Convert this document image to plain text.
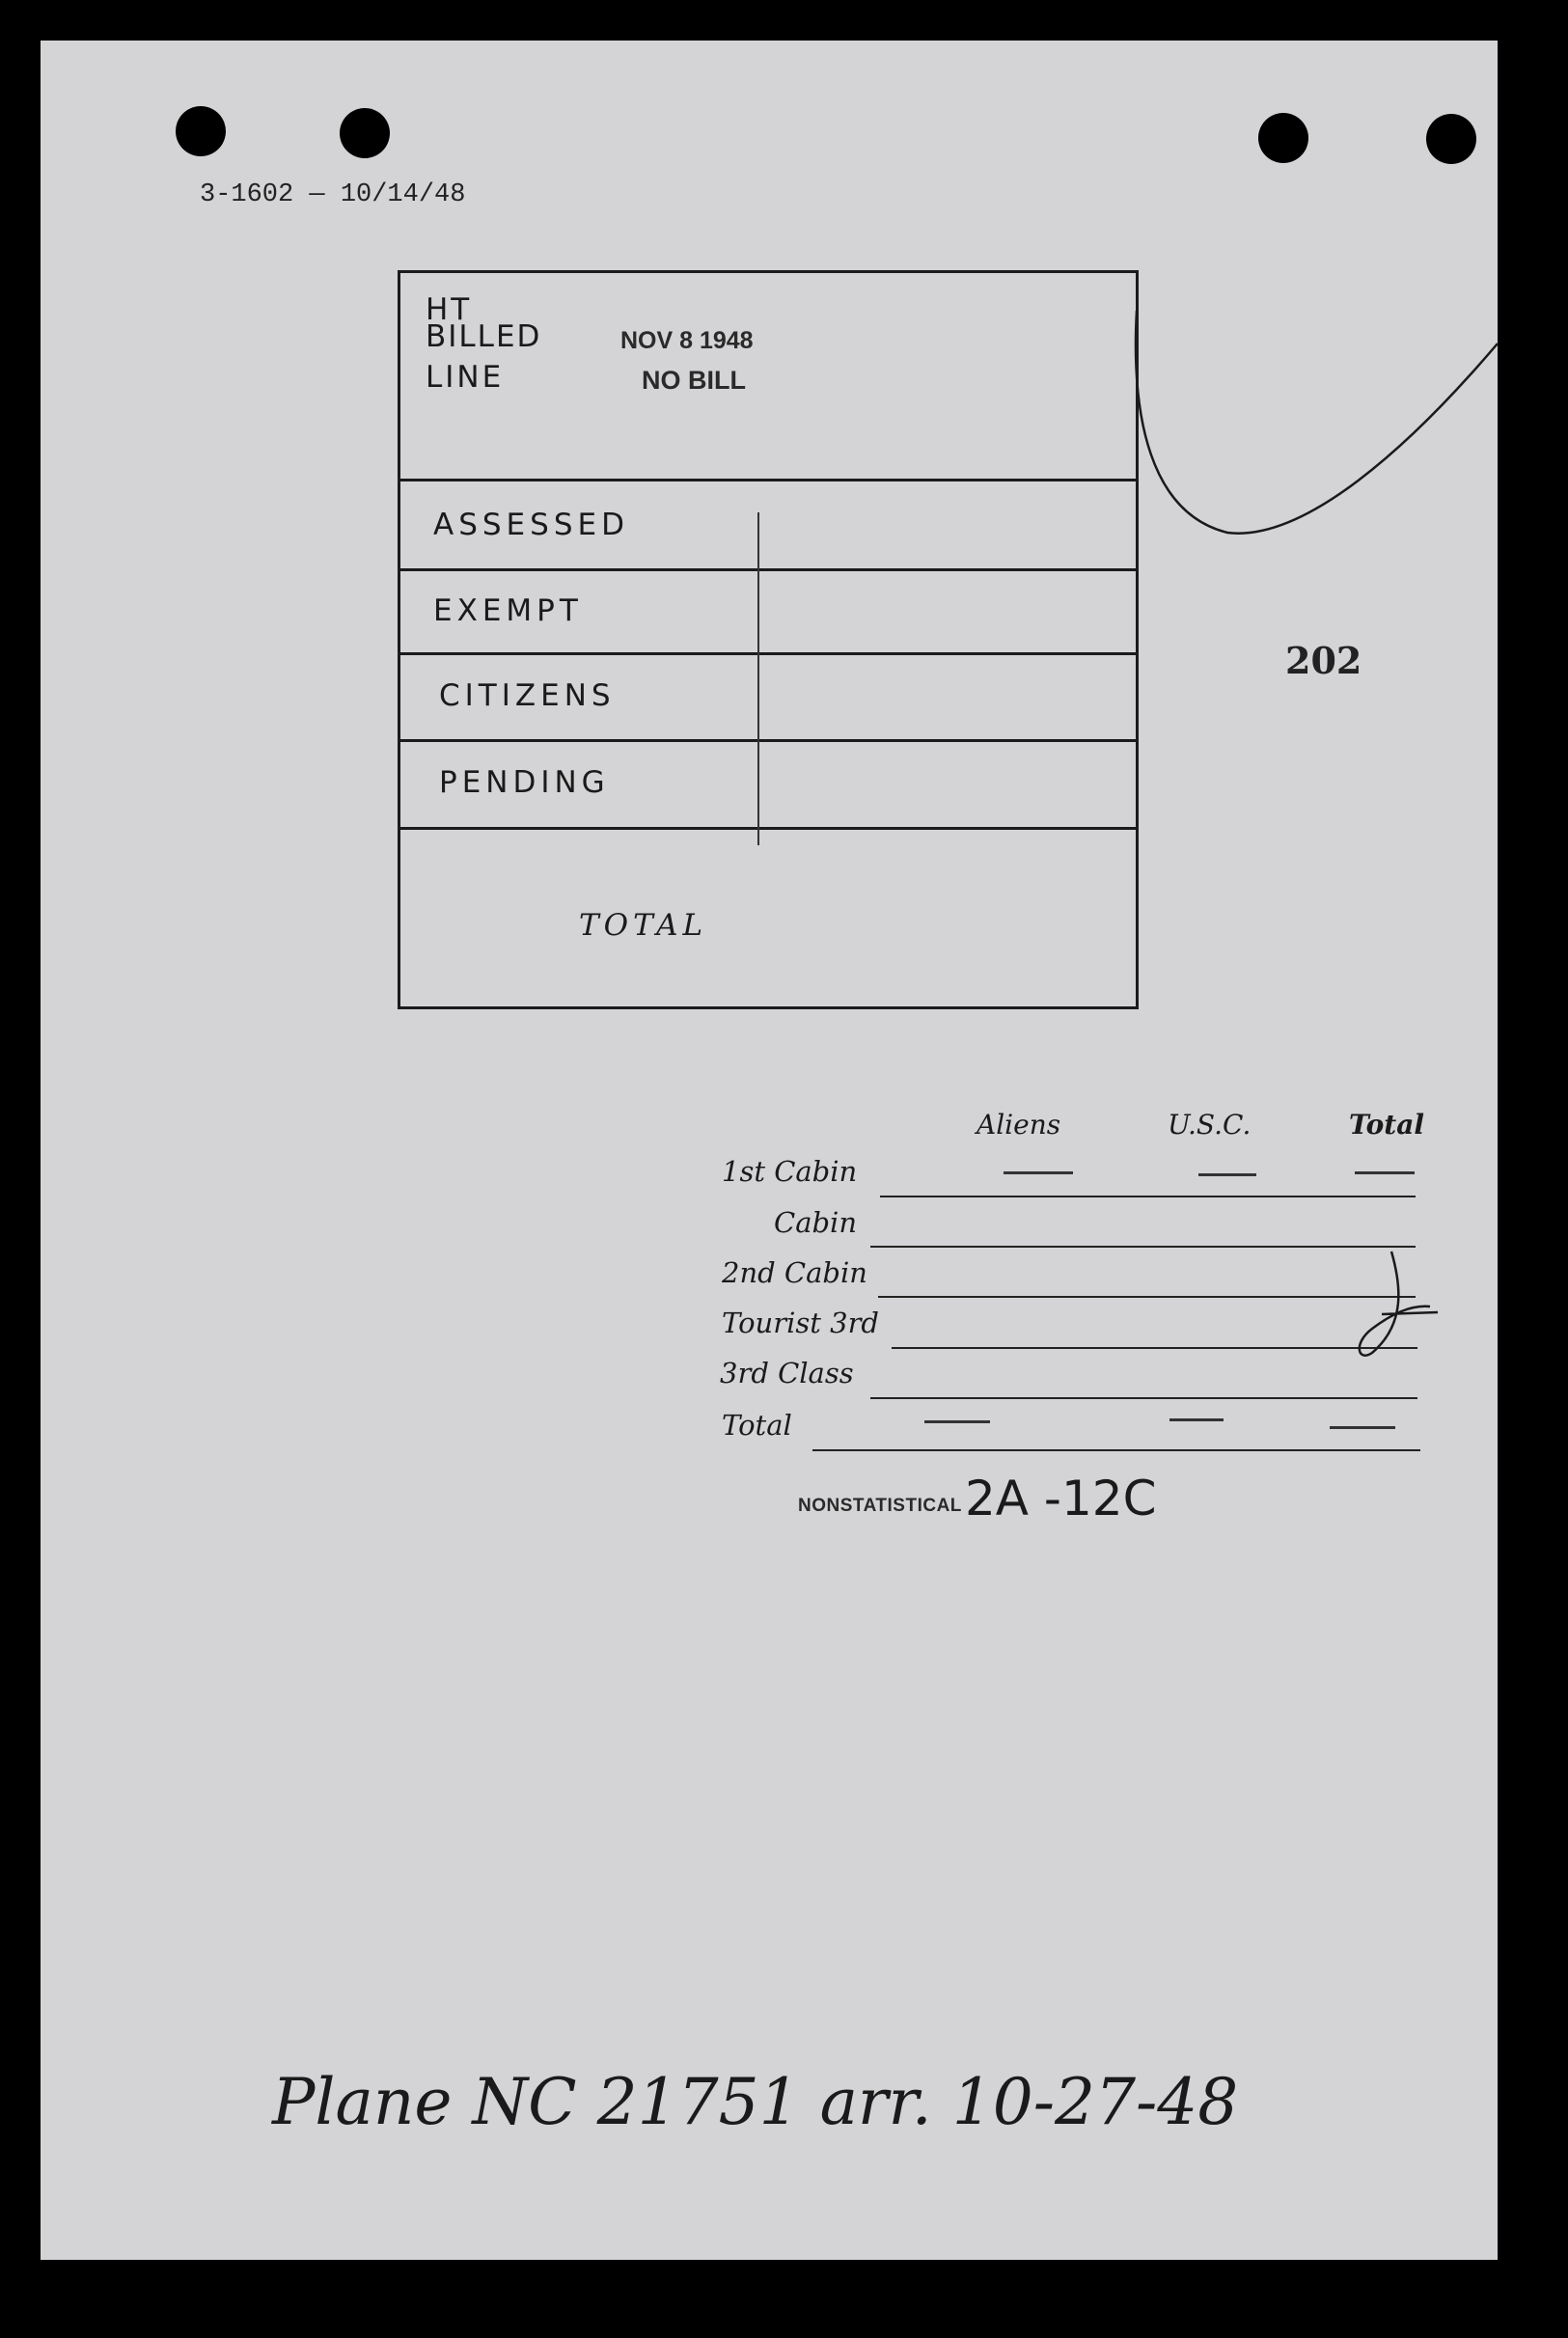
3-1602 — 10/14/48
HT
BILLED
LINE
NOV 8 1948
NO BILL
ASSESSED
EXEMPT
CITIZENS
PENDING
TOTAL
202
Aliens	U.S.C.	Total
1st Cabin
Cabin
2nd Cabin
Tourist 3rd
3rd Class
Total
NONSTATISTICAL 2A -12C
Plane NC 21751 arr. 10-27-48
